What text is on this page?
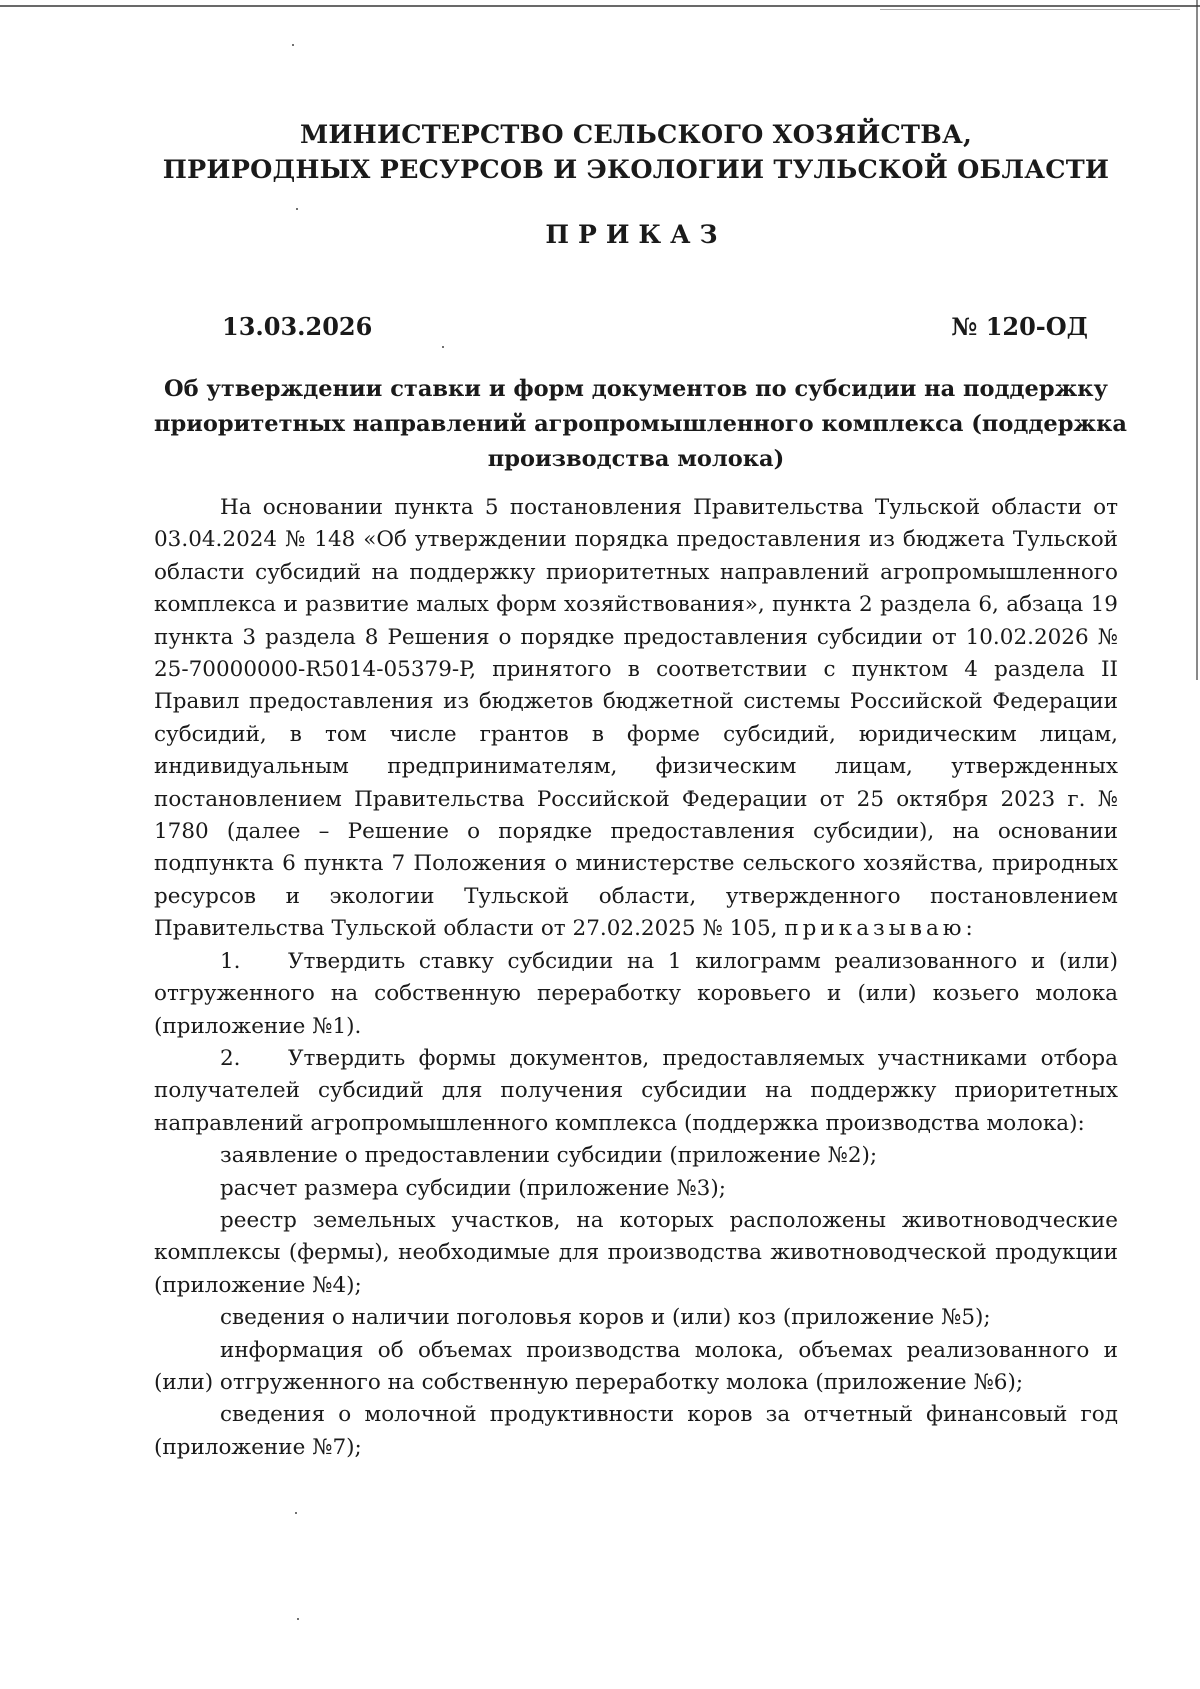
МИНИСТЕРСТВО СЕЛЬСКОГО ХОЗЯЙСТВА,
ПРИРОДНЫХ РЕСУРСОВ И ЭКОЛОГИИ ТУЛЬСКОЙ ОБЛАСТИ
ПРИКАЗ
13.03.2026	№ 120-ОД
Об утверждении ставки и форм документов по субсидии на поддержку
приоритетных направлений агропромышленного комплекса (поддержка
производства молока)

На основании пункта 5 постановления Правительства Тульской области от 03.04.2024 № 148 «Об утверждении порядка предоставления из бюджета Тульской области субсидий на поддержку приоритетных направлений агропромышленного комплекса и развитие малых форм хозяйствования», пункта 2 раздела 6, абзаца 19 пункта 3 раздела 8 Решения о порядке предоставления субсидии от 10.02.2026 № 25-70000000-R5014-05379-P, принятого в соответствии с пунктом 4 раздела II Правил предоставления из бюджетов бюджетной системы Российской Федерации субсидий, в том числе грантов в форме субсидий, юридическим лицам, индивидуальным предпринимателям, физическим лицам, утвержденных постановлением Правительства Российской Федерации от 25 октября 2023 г. № 1780 (далее – Решение о порядке предоставления субсидии), на основании подпункта 6 пункта 7 Положения о министерстве сельского хозяйства, природных ресурсов и экологии Тульской области, утвержденного постановлением Правительства Тульской области от 27.02.2025 № 105, приказываю:

1. Утвердить ставку субсидии на 1 килограмм реализованного и (или) отгруженного на собственную переработку коровьего и (или) козьего молока (приложение №1).

2. Утвердить формы документов, предоставляемых участниками отбора получателей субсидий для получения субсидии на поддержку приоритетных направлений агропромышленного комплекса (поддержка производства молока):

заявление о предоставлении субсидии (приложение №2);

расчет размера субсидии (приложение №3);

реестр земельных участков, на которых расположены животноводческие комплексы (фермы), необходимые для производства животноводческой продукции (приложение №4);

сведения о наличии поголовья коров и (или) коз (приложение №5);

информация об объемах производства молока, объемах реализованного и (или) отгруженного на собственную переработку молока (приложение №6);

сведения о молочной продуктивности коров за отчетный финансовый год (приложение №7);
